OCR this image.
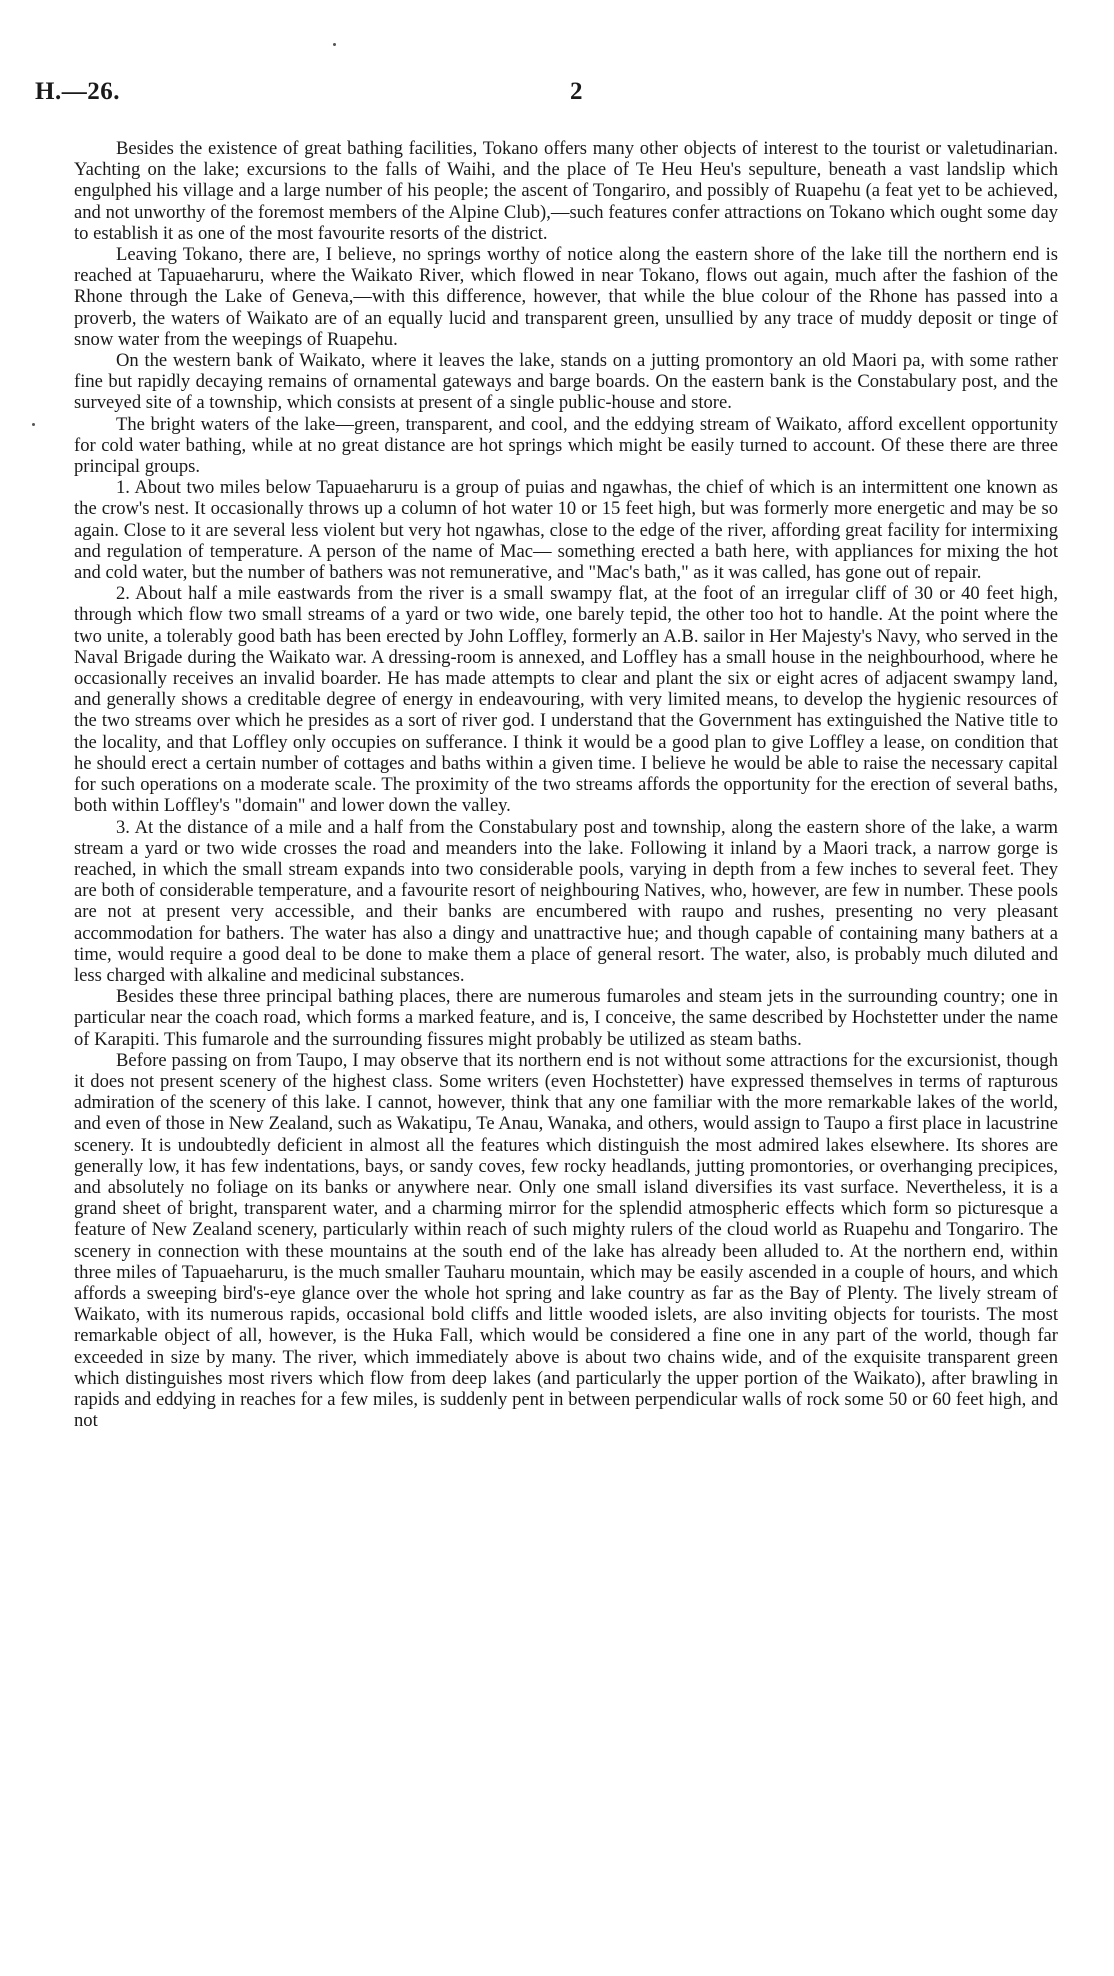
H.—26.	2

Besides the existence of great bathing facilities, Tokano offers many other objects of interest to the tourist or valetudinarian. Yachting on the lake; excursions to the falls of Waihi, and the place of Te Heu Heu's sepulture, beneath a vast landslip which engulphed his village and a large number of his people; the ascent of Tongariro, and possibly of Ruapehu (a feat yet to be achieved, and not unworthy of the foremost members of the Alpine Club),—such features confer attractions on Tokano which ought some day to establish it as one of the most favourite resorts of the district.

Leaving Tokano, there are, I believe, no springs worthy of notice along the eastern shore of the lake till the northern end is reached at Tapuaeharuru, where the Waikato River, which flowed in near Tokano, flows out again, much after the fashion of the Rhone through the Lake of Geneva,—with this difference, however, that while the blue colour of the Rhone has passed into a proverb, the waters of Waikato are of an equally lucid and transparent green, unsullied by any trace of muddy deposit or tinge of snow water from the weepings of Ruapehu.

On the western bank of Waikato, where it leaves the lake, stands on a jutting promontory an old Maori pa, with some rather fine but rapidly decaying remains of ornamental gateways and barge boards. On the eastern bank is the Constabulary post, and the surveyed site of a township, which consists at present of a single public-house and store.

The bright waters of the lake—green, transparent, and cool, and the eddying stream of Waikato, afford excellent opportunity for cold water bathing, while at no great distance are hot springs which might be easily turned to account. Of these there are three principal groups.

1. About two miles below Tapuaeharuru is a group of puias and ngawhas, the chief of which is an intermittent one known as the crow's nest. It occasionally throws up a column of hot water 10 or 15 feet high, but was formerly more energetic and may be so again. Close to it are several less violent but very hot ngawhas, close to the edge of the river, affording great facility for intermixing and regulation of temperature. A person of the name of Mac— something erected a bath here, with appliances for mixing the hot and cold water, but the number of bathers was not remunerative, and "Mac's bath," as it was called, has gone out of repair.

2. About half a mile eastwards from the river is a small swampy flat, at the foot of an irregular cliff of 30 or 40 feet high, through which flow two small streams of a yard or two wide, one barely tepid, the other too hot to handle. At the point where the two unite, a tolerably good bath has been erected by John Loffley, formerly an A.B. sailor in Her Majesty's Navy, who served in the Naval Brigade during the Waikato war. A dressing-room is annexed, and Loffley has a small house in the neighbourhood, where he occasionally receives an invalid boarder. He has made attempts to clear and plant the six or eight acres of adjacent swampy land, and generally shows a creditable degree of energy in endeavouring, with very limited means, to develop the hygienic resources of the two streams over which he presides as a sort of river god. I understand that the Government has extinguished the Native title to the locality, and that Loffley only occupies on sufferance. I think it would be a good plan to give Loffley a lease, on condition that he should erect a certain number of cottages and baths within a given time. I believe he would be able to raise the necessary capital for such operations on a moderate scale. The proximity of the two streams affords the opportunity for the erection of several baths, both within Loffley's "domain" and lower down the valley.

3. At the distance of a mile and a half from the Constabulary post and township, along the eastern shore of the lake, a warm stream a yard or two wide crosses the road and meanders into the lake. Following it inland by a Maori track, a narrow gorge is reached, in which the small stream expands into two considerable pools, varying in depth from a few inches to several feet. They are both of considerable temperature, and a favourite resort of neighbouring Natives, who, however, are few in number. These pools are not at present very accessible, and their banks are encumbered with raupo and rushes, presenting no very pleasant accommodation for bathers. The water has also a dingy and unattractive hue; and though capable of containing many bathers at a time, would require a good deal to be done to make them a place of general resort. The water, also, is probably much diluted and less charged with alkaline and medicinal substances.

Besides these three principal bathing places, there are numerous fumaroles and steam jets in the surrounding country; one in particular near the coach road, which forms a marked feature, and is, I conceive, the same described by Hochstetter under the name of Karapiti. This fumarole and the surrounding fissures might probably be utilized as steam baths.

Before passing on from Taupo, I may observe that its northern end is not without some attractions for the excursionist, though it does not present scenery of the highest class. Some writers (even Hochstetter) have expressed themselves in terms of rapturous admiration of the scenery of this lake. I cannot, however, think that any one familiar with the more remarkable lakes of the world, and even of those in New Zealand, such as Wakatipu, Te Anau, Wanaka, and others, would assign to Taupo a first place in lacustrine scenery. It is undoubtedly deficient in almost all the features which distinguish the most admired lakes elsewhere. Its shores are generally low, it has few indentations, bays, or sandy coves, few rocky headlands, jutting promontories, or overhanging precipices, and absolutely no foliage on its banks or anywhere near. Only one small island diversifies its vast surface. Nevertheless, it is a grand sheet of bright, transparent water, and a charming mirror for the splendid atmospheric effects which form so picturesque a feature of New Zealand scenery, particularly within reach of such mighty rulers of the cloud world as Ruapehu and Tongariro. The scenery in connection with these mountains at the south end of the lake has already been alluded to. At the northern end, within three miles of Tapuaeharuru, is the much smaller Tauharu mountain, which may be easily ascended in a couple of hours, and which affords a sweeping bird's-eye glance over the whole hot spring and lake country as far as the Bay of Plenty. The lively stream of Waikato, with its numerous rapids, occasional bold cliffs and little wooded islets, are also inviting objects for tourists. The most remarkable object of all, however, is the Huka Fall, which would be considered a fine one in any part of the world, though far exceeded in size by many. The river, which immediately above is about two chains wide, and of the exquisite transparent green which distinguishes most rivers which flow from deep lakes (and particularly the upper portion of the Waikato), after brawling in rapids and eddying in reaches for a few miles, is suddenly pent in between perpendicular walls of rock some 50 or 60 feet high, and not
